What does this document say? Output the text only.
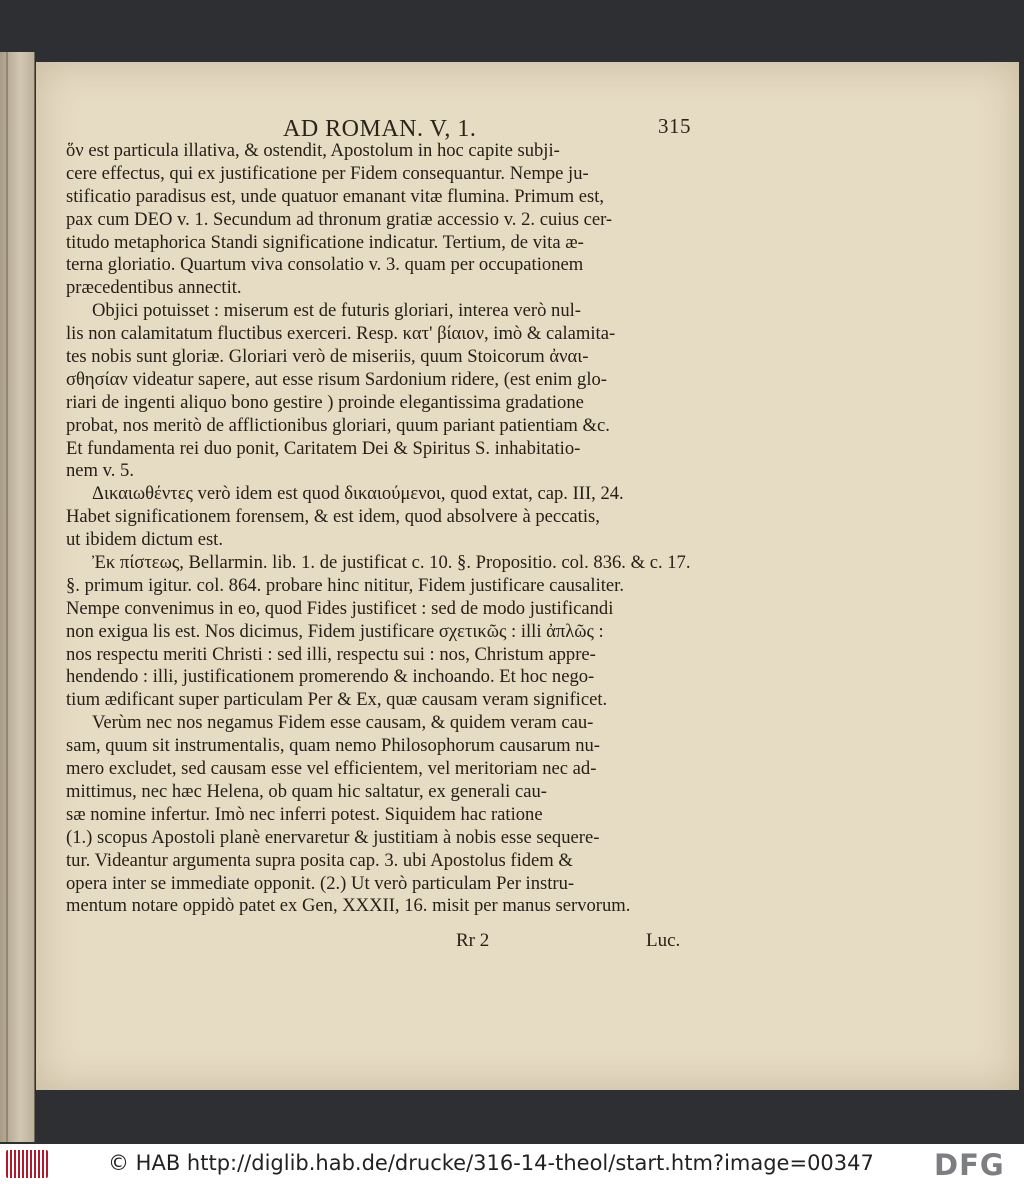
AD ROMAN. V, 1.	315
ὅν est particula illativa, & ostendit, Apostolum in hoc capite subji-
cere effectus, qui ex justificatione per Fidem consequantur. Nempe ju-
stificatio paradisus est, unde quatuor emanant vitæ flumina. Primum est,
pax cum DEO v. 1. Secundum ad thronum gratiæ accessio v. 2. cuius cer-
titudo metaphorica Standi significatione indicatur. Tertium, de vita æ-
terna gloriatio. Quartum viva consolatio v. 3. quam per occupationem
præcedentibus annectit.
Objici potuisset : miserum est de futuris gloriari, interea verò nul-
lis non calamitatum fluctibus exerceri. Resp. κατ' βίαιον, imò & calamita-
tes nobis sunt gloriæ. Gloriari verò de miseriis, quum Stoicorum ἀναι-
σθησίαν videatur sapere, aut esse risum Sardonium ridere, (est enim glo-
riari de ingenti aliquo bono gestire ) proinde elegantissima gradatione
probat, nos meritò de afflictionibus gloriari, quum pariant patientiam &c.
Et fundamenta rei duo ponit, Caritatem Dei & Spiritus S. inhabitatio-
nem v. 5.
Δικαιωθέντες verò idem est quod δικαιούμενοι, quod extat, cap. III, 24.
Habet significationem forensem, & est idem, quod absolvere à peccatis,
ut ibidem dictum est.
Ἐκ πίστεως, Bellarmin. lib. 1. de justificat c. 10. §. Propositio. col. 836. & c. 17.
§. primum igitur. col. 864. probare hinc nititur, Fidem justificare causaliter.
Nempe convenimus in eo, quod Fides justificet : sed de modo justificandi
non exigua lis est. Nos dicimus, Fidem justificare σχετικῶς : illi ἀπλῶς :
nos respectu meriti Christi : sed illi, respectu sui : nos, Christum appre-
hendendo : illi, justificationem promerendo & inchoando. Et hoc nego-
tium ædificant super particulam Per & Ex, quæ causam veram significet.
Verùm nec nos negamus Fidem esse causam, & quidem veram cau-
sam, quum sit instrumentalis, quam nemo Philosophorum causarum nu-
mero excludet, sed causam esse vel efficientem, vel meritoriam nec ad-
mittimus, nec hæc Helena, ob quam hic saltatur, ex generali cau-
sæ nomine infertur. Imò nec inferri potest. Siquidem hac ratione
(1.) scopus Apostoli planè enervaretur & justitiam à nobis esse sequere-
tur. Videantur argumenta supra posita cap. 3. ubi Apostolus fidem &
opera inter se immediate opponit. (2.) Ut verò particulam Per instru-
mentum notare oppidò patet ex Gen, XXXII, 16. misit per manus servorum.
Rr 2	Luc.
© HAB http://diglib.hab.de/drucke/316-14-theol/start.htm?image=00347 DFG
